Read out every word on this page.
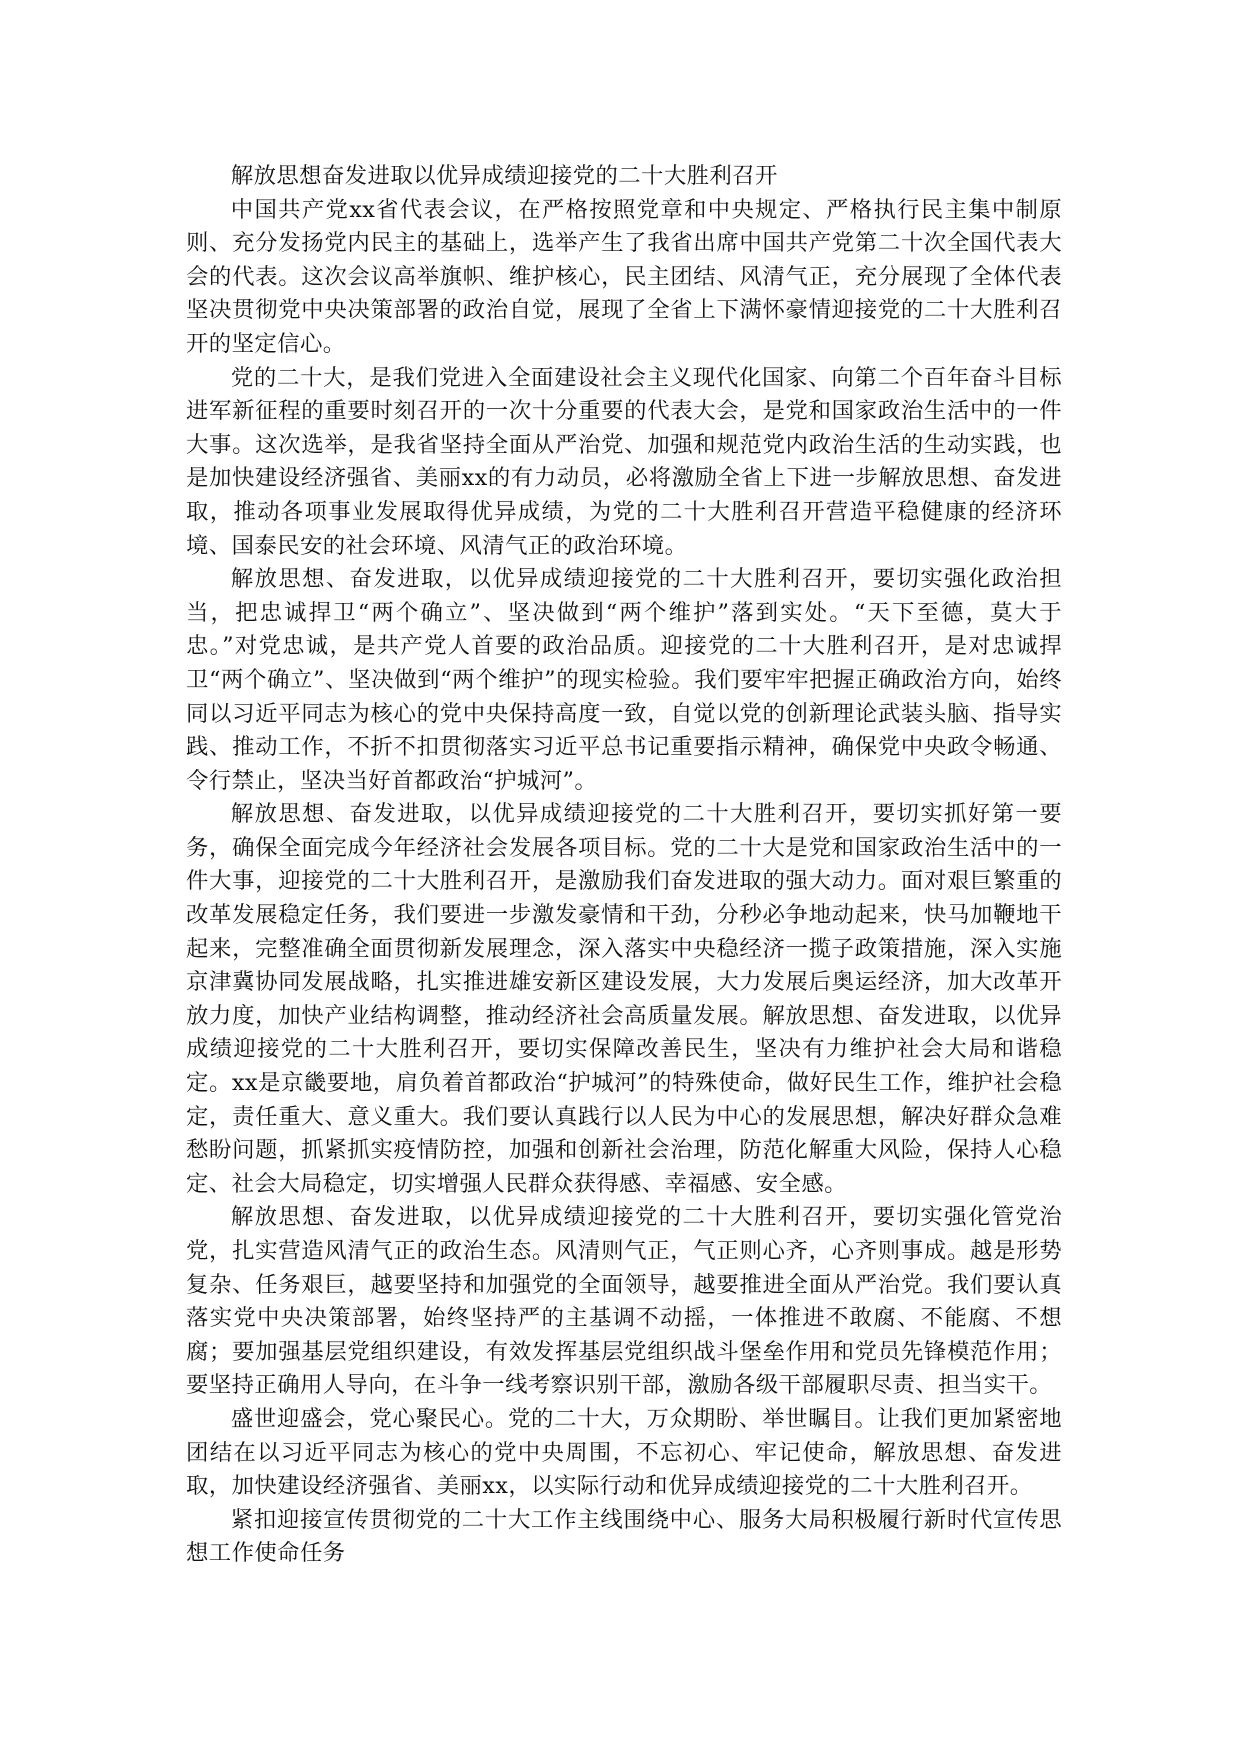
解放思想奋发进取以优异成绩迎接党的二十大胜利召开

中国共产党xx省代表会议，在严格按照党章和中央规定、严格执行民主集中制原则、充分发扬党内民主的基础上，选举产生了我省出席中国共产党第二十次全国代表大会的代表。这次会议高举旗帜、维护核心，民主团结、风清气正，充分展现了全体代表坚决贯彻党中央决策部署的政治自觉，展现了全省上下满怀豪情迎接党的二十大胜利召开的坚定信心。

党的二十大，是我们党进入全面建设社会主义现代化国家、向第二个百年奋斗目标进军新征程的重要时刻召开的一次十分重要的代表大会，是党和国家政治生活中的一件大事。这次选举，是我省坚持全面从严治党、加强和规范党内政治生活的生动实践，也是加快建设经济强省、美丽xx的有力动员，必将激励全省上下进一步解放思想、奋发进取，推动各项事业发展取得优异成绩，为党的二十大胜利召开营造平稳健康的经济环境、国泰民安的社会环境、风清气正的政治环境。

解放思想、奋发进取，以优异成绩迎接党的二十大胜利召开，要切实强化政治担当，把忠诚捍卫“两个确立”、坚决做到“两个维护”落到实处。“天下至德，莫大于忠。”对党忠诚，是共产党人首要的政治品质。迎接党的二十大胜利召开，是对忠诚捍卫“两个确立”、坚决做到“两个维护”的现实检验。我们要牢牢把握正确政治方向，始终同以习近平同志为核心的党中央保持高度一致，自觉以党的创新理论武装头脑、指导实践、推动工作，不折不扣贯彻落实习近平总书记重要指示精神，确保党中央政令畅通、令行禁止，坚决当好首都政治“护城河”。

解放思想、奋发进取，以优异成绩迎接党的二十大胜利召开，要切实抓好第一要务，确保全面完成今年经济社会发展各项目标。党的二十大是党和国家政治生活中的一件大事，迎接党的二十大胜利召开，是激励我们奋发进取的强大动力。面对艰巨繁重的改革发展稳定任务，我们要进一步激发豪情和干劲，分秒必争地动起来，快马加鞭地干起来，完整准确全面贯彻新发展理念，深入落实中央稳经济一揽子政策措施，深入实施京津冀协同发展战略，扎实推进雄安新区建设发展，大力发展后奥运经济，加大改革开放力度，加快产业结构调整，推动经济社会高质量发展。解放思想、奋发进取，以优异成绩迎接党的二十大胜利召开，要切实保障改善民生，坚决有力维护社会大局和谐稳定。xx是京畿要地，肩负着首都政治“护城河”的特殊使命，做好民生工作，维护社会稳定，责任重大、意义重大。我们要认真践行以人民为中心的发展思想，解决好群众急难愁盼问题，抓紧抓实疫情防控，加强和创新社会治理，防范化解重大风险，保持人心稳定、社会大局稳定，切实增强人民群众获得感、幸福感、安全感。

解放思想、奋发进取，以优异成绩迎接党的二十大胜利召开，要切实强化管党治党，扎实营造风清气正的政治生态。风清则气正，气正则心齐，心齐则事成。越是形势复杂、任务艰巨，越要坚持和加强党的全面领导，越要推进全面从严治党。我们要认真落实党中央决策部署，始终坚持严的主基调不动摇，一体推进不敢腐、不能腐、不想腐；要加强基层党组织建设，有效发挥基层党组织战斗堡垒作用和党员先锋模范作用；要坚持正确用人导向，在斗争一线考察识别干部，激励各级干部履职尽责、担当实干。

盛世迎盛会，党心聚民心。党的二十大，万众期盼、举世瞩目。让我们更加紧密地团结在以习近平同志为核心的党中央周围，不忘初心、牢记使命，解放思想、奋发进取，加快建设经济强省、美丽xx，以实际行动和优异成绩迎接党的二十大胜利召开。

紧扣迎接宣传贯彻党的二十大工作主线围绕中心、服务大局积极履行新时代宣传思想工作使命任务
